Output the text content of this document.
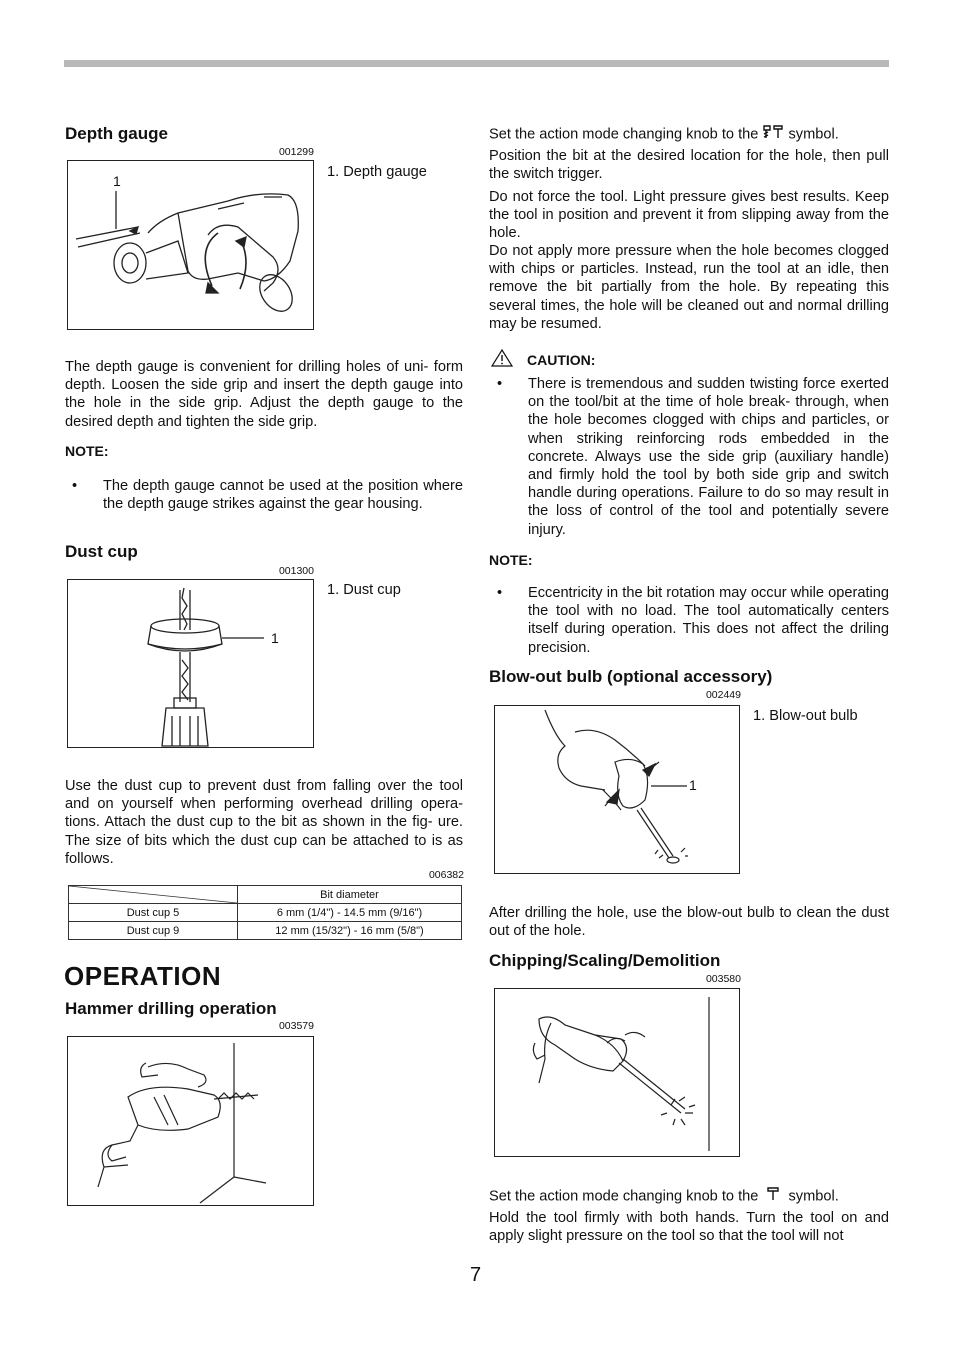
Depth gauge
001299
1
1. Depth gauge
The depth gauge is convenient for drilling holes of uni- form depth. Loosen the side grip and insert the depth gauge into the hole in the side grip. Adjust the depth gauge to the desired depth and tighten the side grip.
NOTE:
• The depth gauge cannot be used at the position where the depth gauge strikes against the gear housing.
Dust cup
001300
1
1. Dust cup
Use the dust cup to prevent dust from falling over the tool and on yourself when performing overhead drilling opera- tions. Attach the dust cup to the bit as shown in the fig- ure. The size of bits which the dust cup can be attached to is as follows.
006382
	Bit diameter
Dust cup 5	6 mm (1/4") - 14.5 mm (9/16")
Dust cup 9	12 mm (15/32") - 16 mm (5/8")
OPERATION
Hammer drilling operation
003579
Set the action mode changing knob to the symbol.
Position the bit at the desired location for the hole, then pull the switch trigger.
Do not force the tool. Light pressure gives best results. Keep the tool in position and prevent it from slipping away from the hole.
Do not apply more pressure when the hole becomes clogged with chips or particles. Instead, run the tool at an idle, then remove the bit partially from the hole. By repeating this several times, the hole will be cleaned out and normal drilling may be resumed.
CAUTION:
• There is tremendous and sudden twisting force exerted on the tool/bit at the time of hole break- through, when the hole becomes clogged with chips and particles, or when striking reinforcing rods embedded in the concrete. Always use the side grip (auxiliary handle) and firmly hold the tool by both side grip and switch handle during operations. Failure to do so may result in the loss of control of the tool and potentially severe injury.
NOTE:
• Eccentricity in the bit rotation may occur while operating the tool with no load. The tool automatically centers itself during operation. This does not affect the driling precision.
Blow-out bulb (optional accessory)
002449
1
1. Blow-out bulb
After drilling the hole, use the blow-out bulb to clean the dust out of the hole.
Chipping/Scaling/Demolition
003580
Set the action mode changing knob to the symbol.
Hold the tool firmly with both hands. Turn the tool on and apply slight pressure on the tool so that the tool will not
7
